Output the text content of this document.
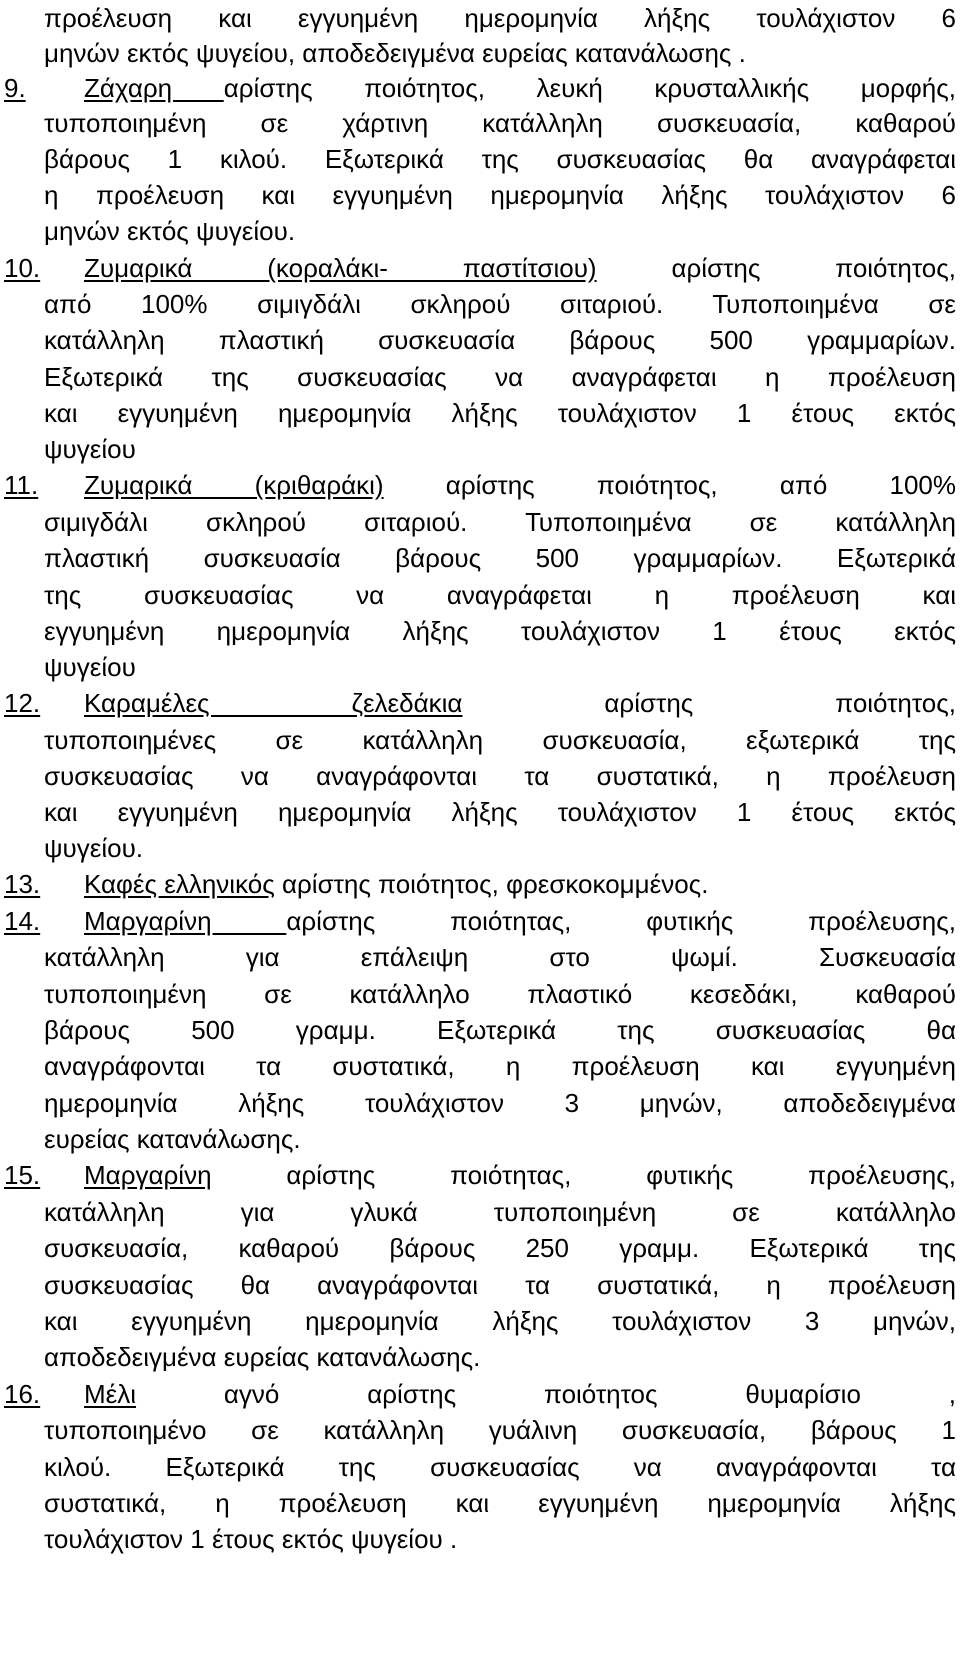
προέλευση και εγγυημένη ημερομηνία λήξης τουλάχιστον 6
μηνών εκτός ψυγείου, αποδεδειγμένα ευρείας κατανάλωσης .
9. Ζάχαρη αρίστης ποιότητος, λευκή κρυσταλλικής μορφής,
τυποποιημένη σε χάρτινη κατάλληλη συσκευασία, καθαρού
βάρους 1 κιλού. Εξωτερικά της συσκευασίας θα αναγράφεται
η προέλευση και εγγυημένη ημερομηνία λήξης τουλάχιστον 6
μηνών εκτός ψυγείου.
10. Ζυμαρικά (κοραλάκι- παστίτσιου) αρίστης ποιότητος,
από 100% σιμιγδάλι σκληρού σιταριού. Τυποποιημένα σε
κατάλληλη πλαστική συσκευασία βάρους 500 γραμμαρίων.
Εξωτερικά της συσκευασίας να αναγράφεται η προέλευση
και εγγυημένη ημερομηνία λήξης τουλάχιστον 1 έτους εκτός
ψυγείου
11. Ζυμαρικά (κριθαράκι) αρίστης ποιότητος, από 100%
σιμιγδάλι σκληρού σιταριού. Τυποποιημένα σε κατάλληλη
πλαστική συσκευασία βάρους 500 γραμμαρίων. Εξωτερικά
της συσκευασίας να αναγράφεται η προέλευση και
εγγυημένη ημερομηνία λήξης τουλάχιστον 1 έτους εκτός
ψυγείου
12. Καραμέλες ζελεδάκια αρίστης ποιότητος,
τυποποιημένες σε κατάλληλη συσκευασία, εξωτερικά της
συσκευασίας να αναγράφονται τα συστατικά, η προέλευση
και εγγυημένη ημερομηνία λήξης τουλάχιστον 1 έτους εκτός
ψυγείου.
13. Καφές ελληνικός αρίστης ποιότητος, φρεσκοκομμένος.
14. Μαργαρίνη αρίστης ποιότητας, φυτικής προέλευσης,
κατάλληλη για επάλειψη στο ψωμί. Συσκευασία
τυποποιημένη σε κατάλληλο πλαστικό κεσεδάκι, καθαρού
βάρους 500 γραμμ. Εξωτερικά της συσκευασίας θα
αναγράφονται τα συστατικά, η προέλευση και εγγυημένη
ημερομηνία λήξης τουλάχιστον 3 μηνών, αποδεδειγμένα
ευρείας κατανάλωσης.
15. Μαργαρίνη αρίστης ποιότητας, φυτικής προέλευσης,
κατάλληλη για γλυκά τυποποιημένη σε κατάλληλο
συσκευασία, καθαρού βάρους 250 γραμμ. Εξωτερικά της
συσκευασίας θα αναγράφονται τα συστατικά, η προέλευση
και εγγυημένη ημερομηνία λήξης τουλάχιστον 3 μηνών,
αποδεδειγμένα ευρείας κατανάλωσης.
16. Μέλι αγνό αρίστης ποιότητος θυμαρίσιο ,
τυποποιημένο σε κατάλληλη γυάλινη συσκευασία, βάρους 1
κιλού. Εξωτερικά της συσκευασίας να αναγράφονται τα
συστατικά, η προέλευση και εγγυημένη ημερομηνία λήξης
τουλάχιστον 1 έτους εκτός ψυγείου .
